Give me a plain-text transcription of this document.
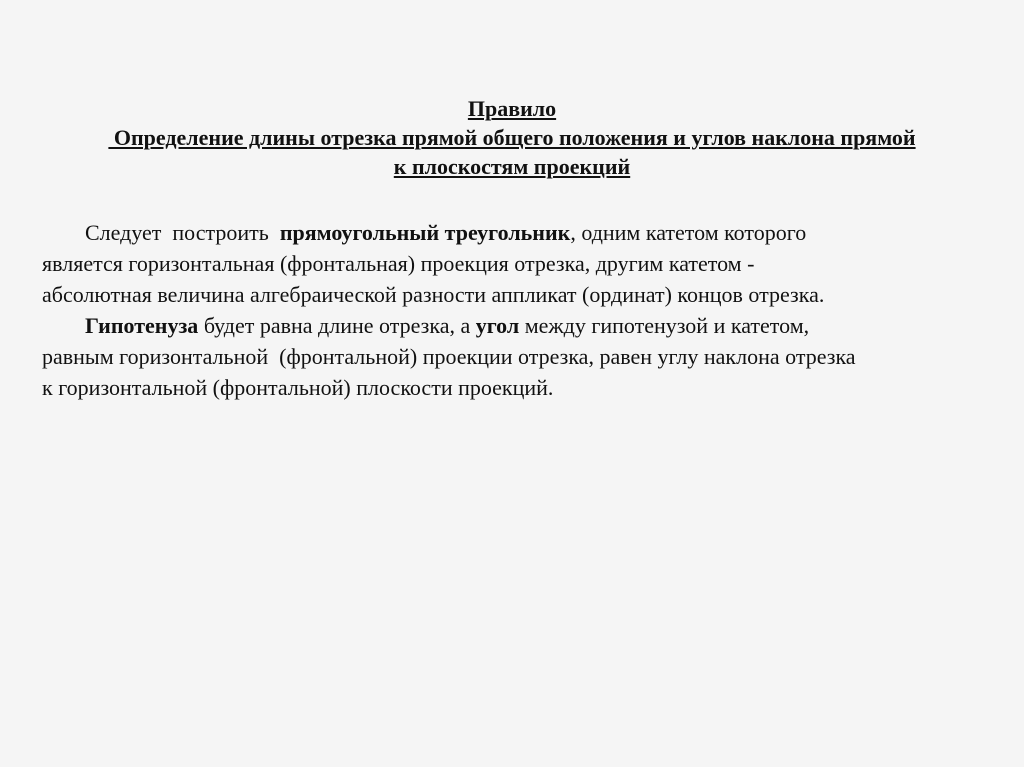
Правило
Определение длины отрезка прямой общего положения и углов наклона прямой
к плоскостям проекций
Следует  построить  прямоугольный треугольник, одним катетом которого
является горизонтальная (фронтальная) проекция отрезка, другим катетом -
абсолютная величина алгебраической разности аппликат (ординат) концов отрезка.
Гипотенуза будет равна длине отрезка, а угол между гипотенузой и катетом,
равным горизонтальной  (фронтальной) проекции отрезка, равен углу наклона отрезка
к горизонтальной (фронтальной) плоскости проекций.
